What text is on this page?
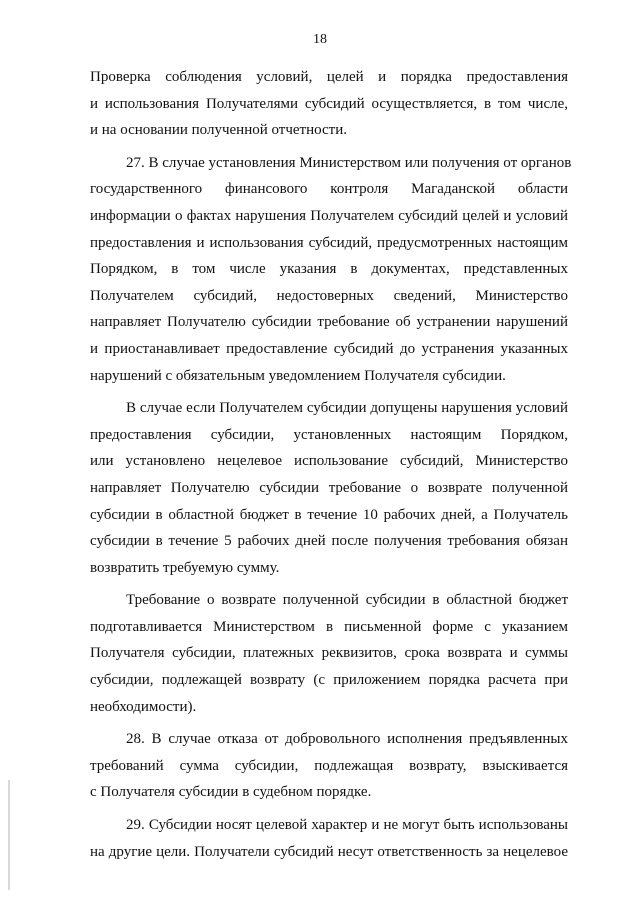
18
Проверка соблюдения условий, целей и порядка предоставления
и использования Получателями субсидий осуществляется, в том числе,
и на основании полученной отчетности.
27. В случае установления Министерством или получения от органов
государственного финансового контроля Магаданской области
информации о фактах нарушения Получателем субсидий целей и условий
предоставления и использования субсидий, предусмотренных настоящим
Порядком, в том числе указания в документах, представленных
Получателем субсидий, недостоверных сведений, Министерство
направляет Получателю субсидии требование об устранении нарушений
и приостанавливает предоставление субсидий до устранения указанных
нарушений с обязательным уведомлением Получателя субсидии.
В случае если Получателем субсидии допущены нарушения условий
предоставления субсидии, установленных настоящим Порядком,
или установлено нецелевое использование субсидий, Министерство
направляет Получателю субсидии требование о возврате полученной
субсидии в областной бюджет в течение 10 рабочих дней, а Получатель
субсидии в течение 5 рабочих дней после получения требования обязан
возвратить требуемую сумму.
Требование о возврате полученной субсидии в областной бюджет
подготавливается Министерством в письменной форме с указанием
Получателя субсидии, платежных реквизитов, срока возврата и суммы
субсидии, подлежащей возврату (с приложением порядка расчета при
необходимости).
28. В случае отказа от добровольного исполнения предъявленных
требований сумма субсидии, подлежащая возврату, взыскивается
с Получателя субсидии в судебном порядке.
29. Субсидии носят целевой характер и не могут быть использованы
на другие цели. Получатели субсидий несут ответственность за нецелевое
